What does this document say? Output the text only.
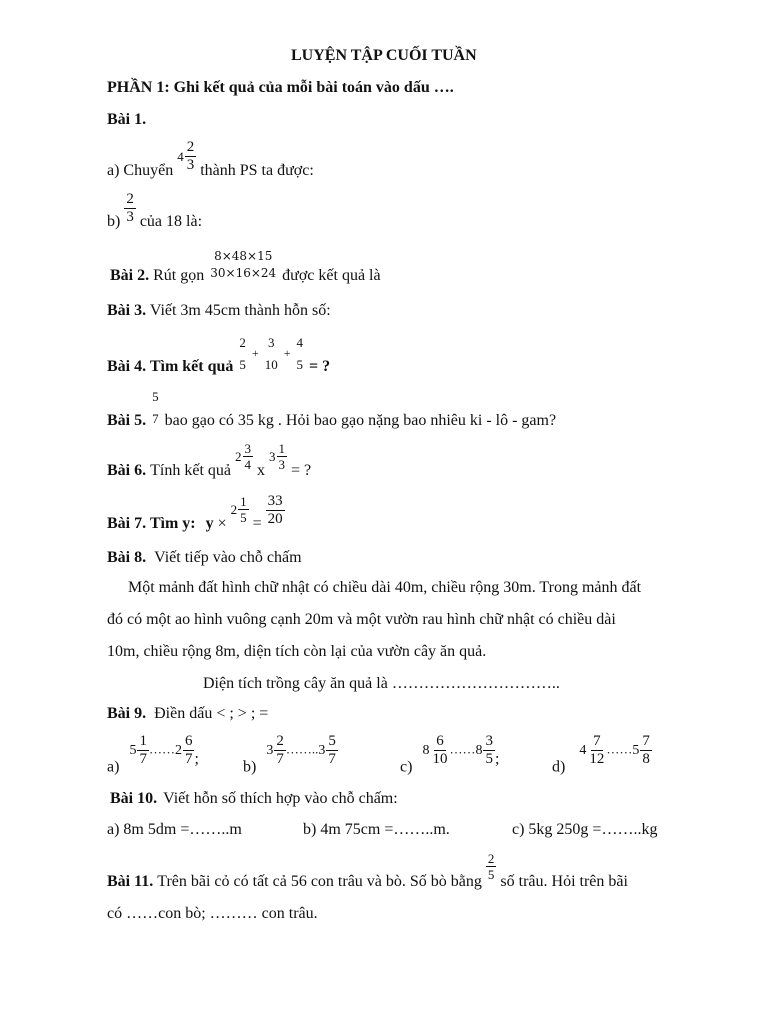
LUYỆN TẬP CUỐI TUẦN
PHẦN 1: Ghi kết quả của mỗi bài toán vào dấu ….
Bài 1.
a) Chuyển
$4 \frac{2}{3}$ thành PS ta được:
$b) \frac{2}{3}$ của 18 là:
Bài 2. Rút gọn
8×48×15
30×16×24 được kết quả là
Bài 3. Viết 3m 45cm thành hỗn số:
Bài 4. Tìm kết quả
2
5
+
3
10
+
4
5 = ?
Bài 5.
5
7 bao gạo có 35 kg . Hỏi bao gạo nặng bao nhiêu ki - lô - gam?
Bài 6. Tính kết quả
$2 \frac{3}{4}$ x
$3 \frac{1}{3}$ = ?
Bài 7. Tìm y: y ×
$2 \frac{1}{5} = \frac{33}{20}$
Bài 8. Viết tiếp vào chỗ chấm
Một mảnh đất hình chữ nhật có chiều dài 40m, chiều rộng 30m. Trong mảnh đất
đó có một ao hình vuông cạnh 20m và một vườn rau hình chữ nhật có chiều dài
10m, chiều rộng 8m, diện tích còn lại của vườn cây ăn quả.
Diện tích trồng cây ăn quả là …………………………..
Bài 9. Điền dấu < ; > ; =
a)
$5 \frac{1}{7}$ …… $2 \frac{6}{7}$ ;	b)
$3 \frac{2}{7}$ …….. $3 \frac{5}{7}$	c)
$8 \frac{6}{10}$ …… $8 \frac{3}{5}$ ;	d)
$4 \frac{7}{12}$ …… $5 \frac{7}{8}$
Bài 10. Viết hỗn số thích hợp vào chỗ chấm:
a) 8m 5dm =……..m	b) 4m 75cm =……..m.	c) 5kg 250g =……..kg
Bài 11. Trên bãi cỏ có tất cả 56 con trâu và bò. Số bò bằng
$\frac{2}{5}$
số trâu. Hỏi trên bãi
có ……con bò; ……… con trâu.
